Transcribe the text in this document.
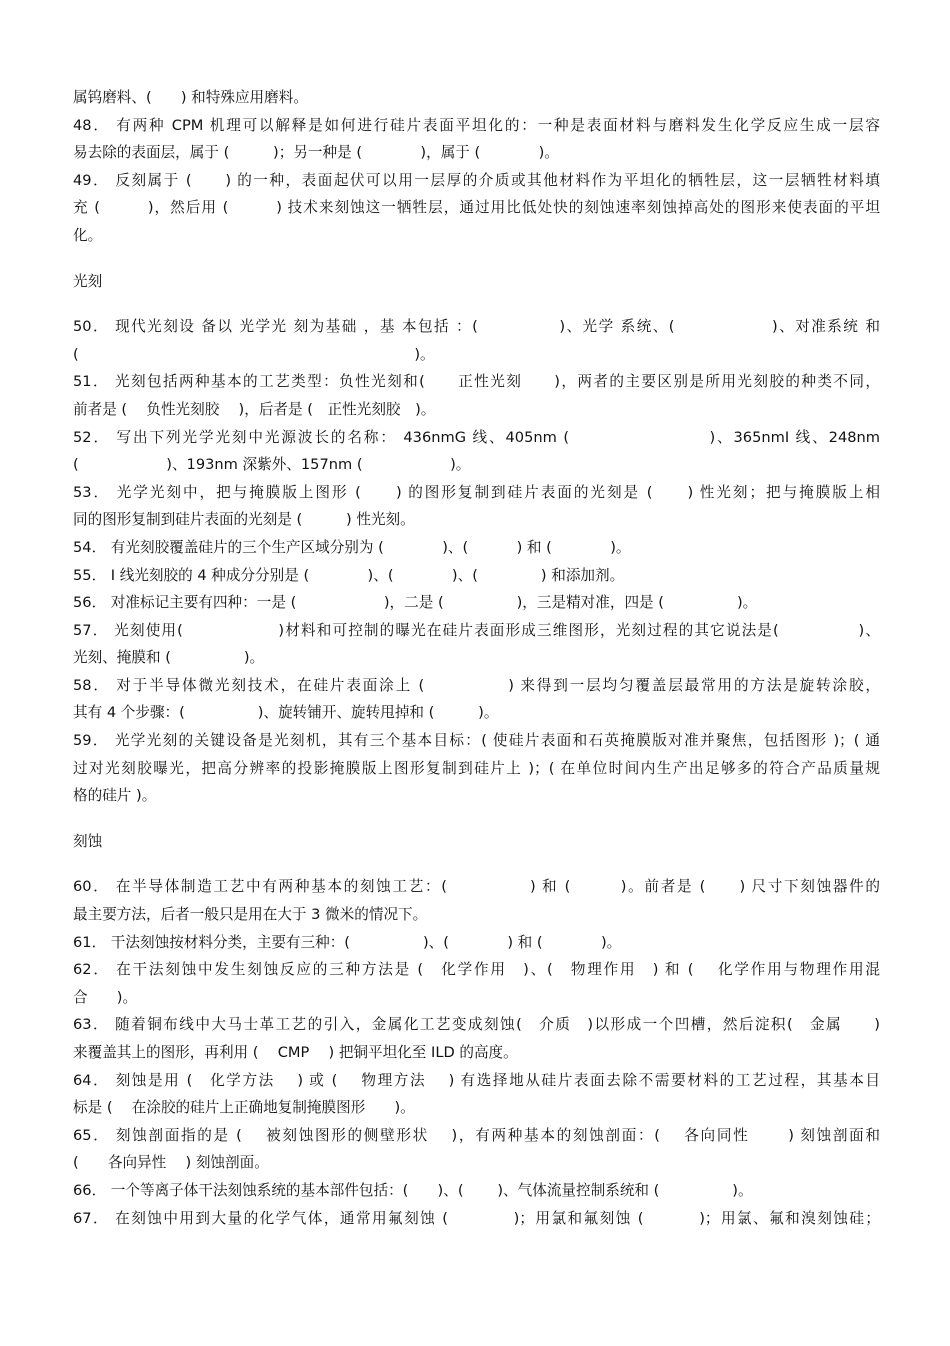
属钨磨料、(　　) 和特殊应用磨料。
48． 有两种 CPM 机理可以解释是如何进行硅片表面平坦化的：一种是表面材料与磨料发生化学反应生成一层容
易去除的表面层，属于 (　　　)；另一种是 (　　　　)，属于 (　　　　)。
49． 反刻属于 (　　) 的一种，表面起伏可以用一层厚的介质或其他材料作为平坦化的牺牲层，这一层牺牲材料填
充 (　　　)，然后用 (　　　) 技术来刻蚀这一牺牲层，通过用比低处快的刻蚀速率刻蚀掉高处的图形来使表面的平坦
化。
光刻
50． 现代光刻设 备以 光学光 刻为基础 ，基 本包括 ：(　　　　　)、光学 系统、(　　　　　　)、对准系统 和
(　　　　　　　　　　　　　　　　　　　　　　　)。
51． 光刻包括两种基本的工艺类型：负性光刻和(　　正性光刻　　)，两者的主要区别是所用光刻胶的种类不同，
前者是 (　 负性光刻胶　 )，后者是 (　正性光刻胶　)。
52． 写出下列光学光刻中光源波长的名称： 436nmG 线、405nm (　　　　　　　　 )、365nmI 线、248nm
(　　　　　　)、193nm 深紫外、157nm (　　　　　　)。
53． 光学光刻中，把与掩膜版上图形 (　　) 的图形复制到硅片表面的光刻是 (　　) 性光刻；把与掩膜版上相
同的图形复制到硅片表面的光刻是 (　　　) 性光刻。
54． 有光刻胶覆盖硅片的三个生产区域分别为 (　　　　)、(　　　 ) 和 (　　　　)。
55． I 线光刻胶的 4 种成分分别是 (　　　　)、(　　　　)、(　　　　 ) 和添加剂。
56． 对准标记主要有四种：一是 (　　　　　　)，二是 (　　　　　)，三是精对准，四是 (　　　　　)。
57． 光刻使用(　　　　　　)材料和可控制的曝光在硅片表面形成三维图形，光刻过程的其它说法是(　　　　　)、
光刻、掩膜和 (　　　　　)。
58． 对于半导体微光刻技术，在硅片表面涂上 (　　　　　) 来得到一层均匀覆盖层最常用的方法是旋转涂胶，
其有 4 个步骤：(　　　　　)、旋转铺开、旋转甩掉和 (　　　)。
59． 光学光刻的关键设备是光刻机，其有三个基本目标：( 使硅片表面和石英掩膜版对准并聚焦，包括图形 )；( 通
过对光刻胶曝光，把高分辨率的投影掩膜版上图形复制到硅片上 )；( 在单位时间内生产出足够多的符合产品质量规
格的硅片 )。
刻蚀
60． 在半导体制造工艺中有两种基本的刻蚀工艺：(　　　　　) 和 (　　　)。前者是 (　　) 尺寸下刻蚀器件的
最主要方法，后者一般只是用在大于 3 微米的情况下。
61． 干法刻蚀按材料分类，主要有三种：(　　　　　)、(　　　　) 和 (　　　　)。
62． 在干法刻蚀中发生刻蚀反应的三种方法是 (　化学作用　)、(　物理作用　) 和 (　 化学作用与物理作用混
合　　)。
63． 随着铜布线中大马士革工艺的引入，金属化工艺变成刻蚀(　介质　)以形成一个凹槽，然后淀积(　金属　　)
来覆盖其上的图形，再利用 (　 CMP　 ) 把铜平坦化至 ILD 的高度。
64． 刻蚀是用 (　化学方法　 ) 或 (　 物理方法　 ) 有选择地从硅片表面去除不需要材料的工艺过程，其基本目
标是 (　 在涂胶的硅片上正确地复制掩膜图形　　)。
65． 刻蚀剖面指的是 (　 被刻蚀图形的侧壁形状　 )，有两种基本的刻蚀剖面：(　 各向同性　　 ) 刻蚀剖面和
(　　各向异性　 ) 刻蚀剖面。
66． 一个等离子体干法刻蚀系统的基本部件包括：(　　)、(　　 )、气体流量控制系统和 (　　　　　)。
67． 在刻蚀中用到大量的化学气体，通常用氟刻蚀 (　　　　)；用氯和氟刻蚀 (　　　 )；用氯、氟和溴刻蚀硅；
